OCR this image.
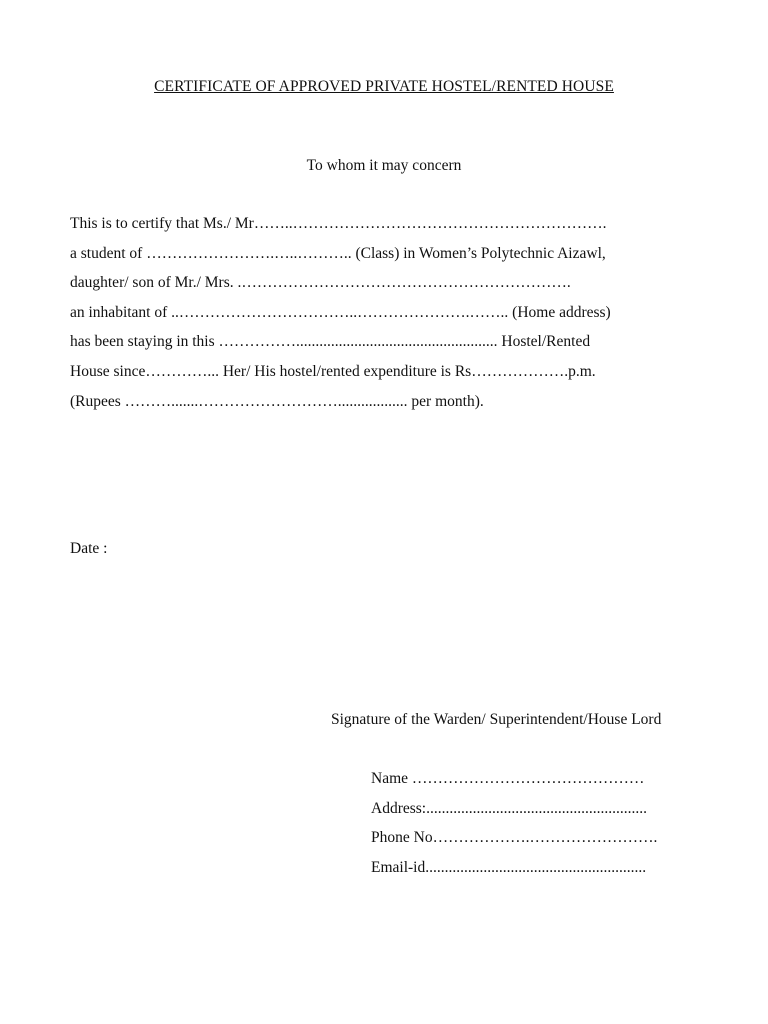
CERTIFICATE OF APPROVED PRIVATE HOSTEL/RENTED HOUSE
To whom it may concern
This is to certify that Ms./ Mr……..…………………………………………………….
a student of …………………….…..……….. (Class) in Women’s Polytechnic Aizawl,
daughter/ son of Mr./ Mrs. .……………………………………………………….
an inhabitant of ..……………………………..………………….…….. (Home address)
has been staying in this …………….................................................... Hostel/Rented
House since…………... Her/ His hostel/rented expenditure is Rs……………….p.m.
(Rupees ……….......……………………….................. per month).
Date :
Signature of the Warden/ Superintendent/House Lord
Name ………………………………………
Address:.........................................................
Phone No……………….…………………….
Email-id.........................................................
